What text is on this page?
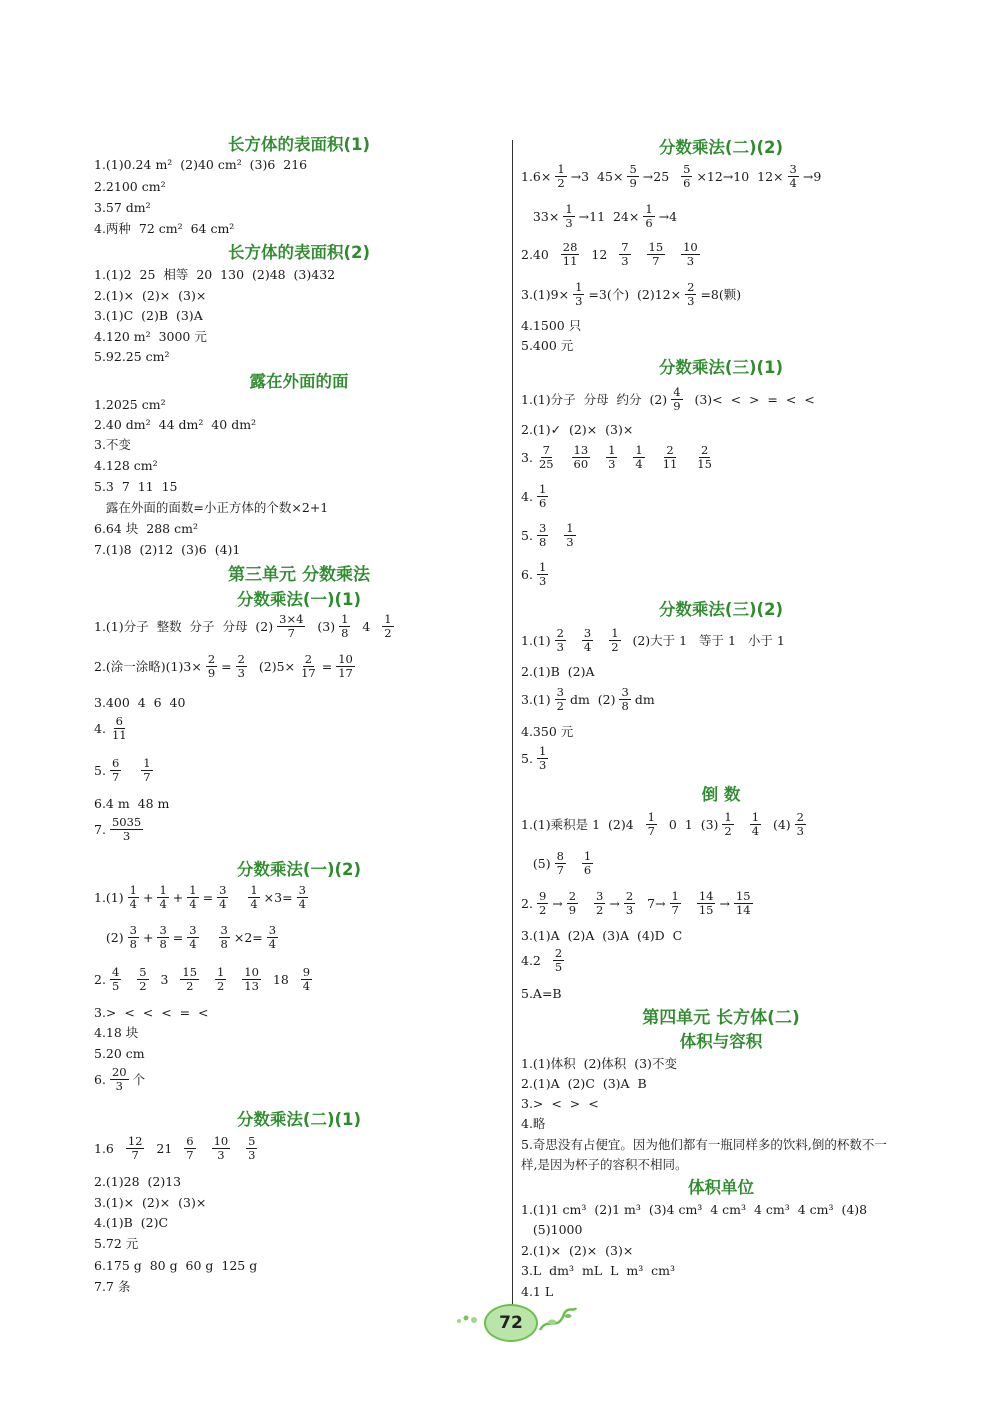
长方体的表面积(1)
1.(1)0.24 m²  (2)40 cm²  (3)6  216
2.2100 cm²
3.57 dm²
4.两种  72 cm²  64 cm²
长方体的表面积(2)
1.(1)2  25  相等  20  130  (2)48  (3)432
2.(1)×  (2)×  (3)×
3.(1)C  (2)B  (3)A
4.120 m²  3000 元
5.92.25 cm²
露在外面的面
1.2025 cm²
2.40 dm²  44 dm²  40 dm²
3.不变
4.128 cm²
5.3  7  11  15
露在外面的面数=小正方体的个数×2+1
6.64 块  288 cm²
7.(1)8  (2)12  (3)6  (4)1
第三单元 分数乘法
分数乘法(一)(1)
1.(1)分子  整数  分子  分母  $(2) \frac{3\times 4}{7} (3) \frac{1}{8} 4 \frac{1}{2}$
2.(涂一涂略)$(1)3\times \frac{2}{9} = \frac{2}{3} (2)5\times \frac{2}{17} = \frac{10}{17}$
3.400  4  6  40
4. $\frac{6}{11}$
5. $\frac{6}{7}$
$\frac{1}{7}$
6.4 m  48 m
7. $\frac{5035}{3}$
分数乘法(一)(2)
$1.(1) \frac{1}{4} + \frac{1}{4} + \frac{1}{4} = \frac{3}{4}$
$\frac{1}{4} \times 3= \frac{3}{4}$
$(2) \frac{3}{8} + \frac{3}{8} = \frac{3}{4}$
$\frac{3}{8} \times 2= \frac{3}{4}$
2. $\frac{4}{5}$
$\frac{5}{2} 3 \frac{15}{2}$
$\frac{1}{2}$
$\frac{10}{13} 18 \frac{9}{4}$
3.>  <  <  <  =  <
4.18 块
5.20 cm
6. $\frac{20}{3}$ 个
分数乘法(二)(1)
$1.6 \frac{12}{7} 21 \frac{6}{7}$
$\frac{10}{3}$
$\frac{5}{3}$
2.(1)28  (2)13
3.(1)×  (2)×  (3)×
4.(1)B  (2)C
5.72 元
6.175 g  80 g  60 g  125 g
7.7 条
分数乘法(二)(2)
$1.6\times \frac{1}{2} \to 3$  $45\times \frac{5}{9} \to 25 \frac{5}{6} \times 12\to 10$  $12\times \frac{3}{4} \to 9$
$33\times \frac{1}{3} \to 11$  $24\times \frac{1}{6} \to 4$
$2.40 \frac{28}{11} 12 \frac{7}{3}$
$\frac{15}{7}$
$\frac{10}{3}$
$3.(1)9\times \frac{1}{3} =3$(个)  $(2)12\times \frac{2}{3} =8$(颗)
4.1500 只
5.400 元
分数乘法(三)(1)
1.(1)分子  分母  约分  $(2) \frac{4}{9} (3)<$  <  >  =  <  <
2.(1)✓  (2)×  (3)×
3. $\frac{7}{25}$
$\frac{13}{60}$
$\frac{1}{3}$
$\frac{1}{4}$
$\frac{2}{11}$
$\frac{2}{15}$
4. $\frac{1}{6}$
5. $\frac{3}{8}$
$\frac{1}{3}$
6. $\frac{1}{3}$
分数乘法(三)(2)
$1.(1) \frac{2}{3}$
$\frac{3}{4}$
$\frac{1}{2} (2)$大于 1   等于 1   小于 1
2.(1)B  (2)A
$3.(1) \frac{3}{2}$ dm  $(2) \frac{3}{8}$ dm
4.350 元
5. $\frac{1}{3}$
倒 数
1.(1)乘积是 1  $(2)4 \frac{1}{7} 0$  1  $(3) \frac{1}{2}$
$\frac{1}{4} (4) \frac{2}{3}$
$(5) \frac{8}{7}$
$\frac{1}{6}$
2. $\frac{9}{2} \to \frac{2}{9}$
$\frac{3}{2} \to \frac{2}{3} 7\to \frac{1}{7}$
$\frac{14}{15} \to \frac{15}{14}$
3.(1)A  (2)A  (3)A  (4)D  C
$4.2 \frac{2}{5}$
5.A=B
第四单元 长方体(二)
体积与容积
1.(1)体积  (2)体积  (3)不变
2.(1)A  (2)C  (3)A  B
3.>  <  >  <
4.略
5.奇思没有占便宜。因为他们都有一瓶同样多的饮料,倒的杯数不一
样,是因为杯子的容积不相同。
体积单位
1.(1)1 cm³  (2)1 m³  (3)4 cm³  4 cm³  4 cm³  4 cm³  (4)8
(5)1000
2.(1)×  (2)×  (3)×
3.L  dm³  mL  L  m³  cm³
4.1 L
72
